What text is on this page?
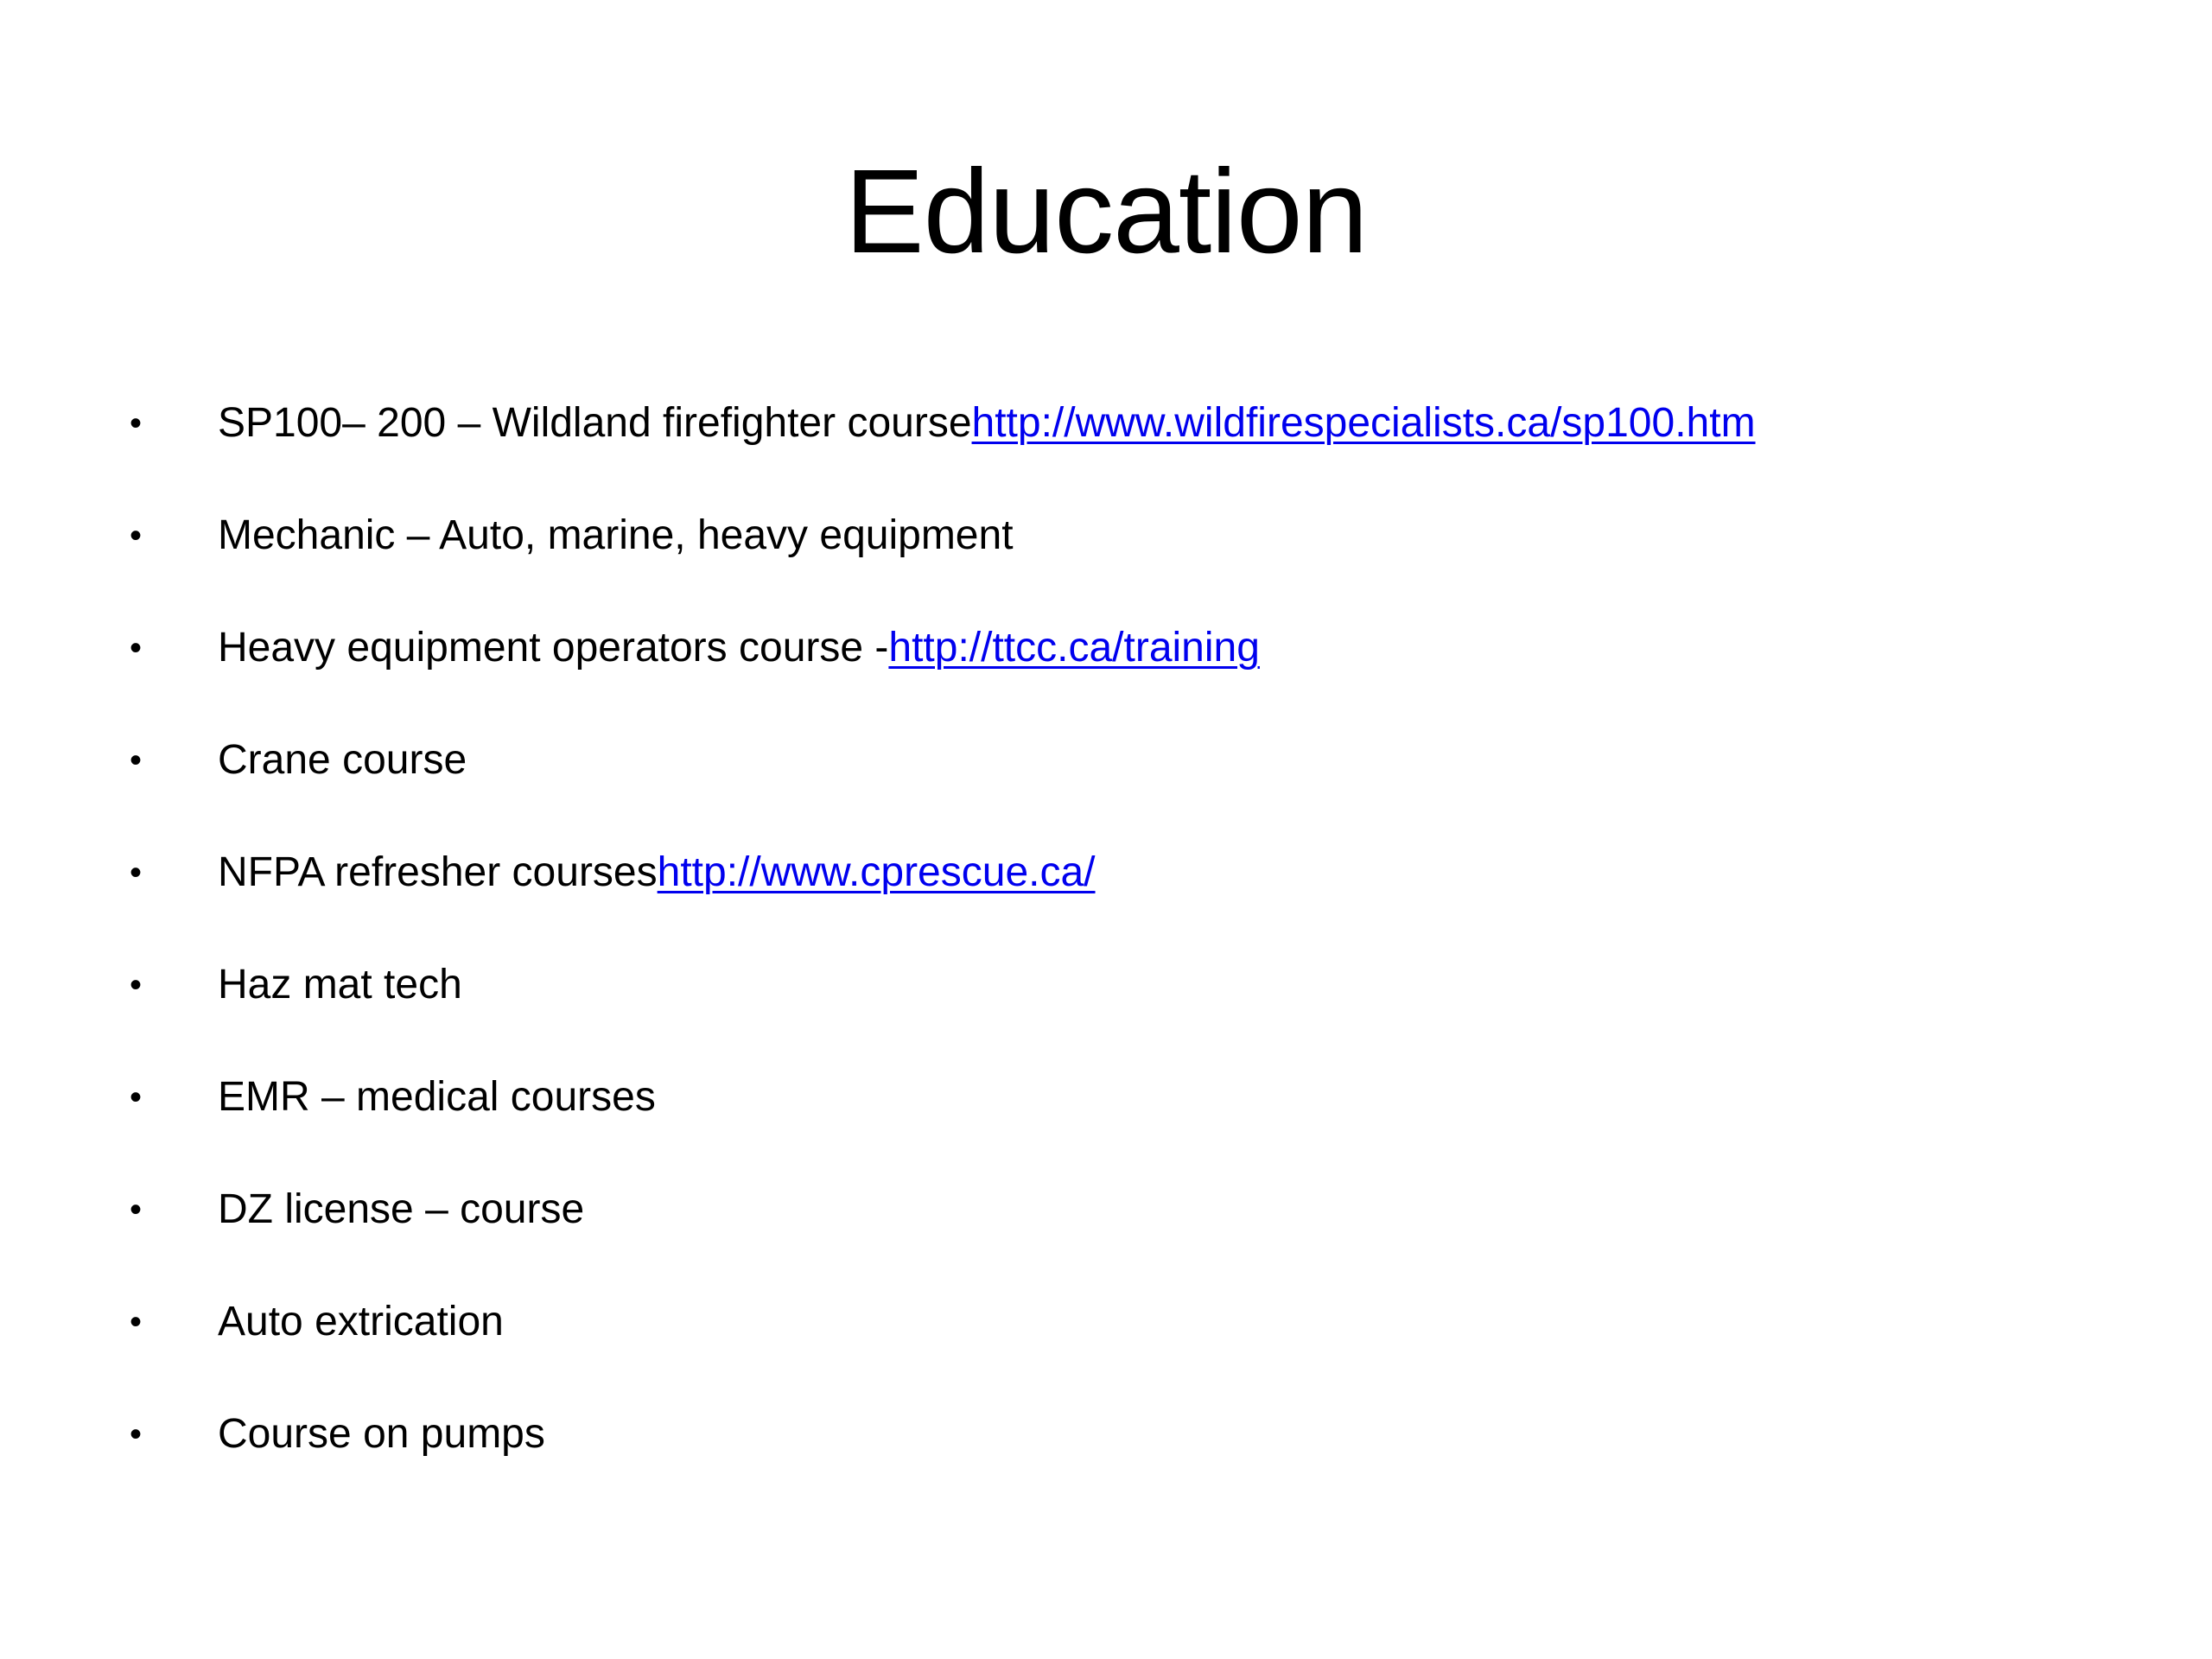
Education
•	SP100– 200 – Wildland firefighter course http://www.wildfirespecialists.ca/sp100.htm
•	Mechanic – Auto, marine, heavy equipment
•	Heavy equipment operators course - http://ttcc.ca/training
•	Crane course
•	NFPA refresher courses http://www.cprescue.ca/
•	Haz mat tech
•	EMR – medical courses
•	DZ license – course
•	Auto extrication
•	Course on pumps
